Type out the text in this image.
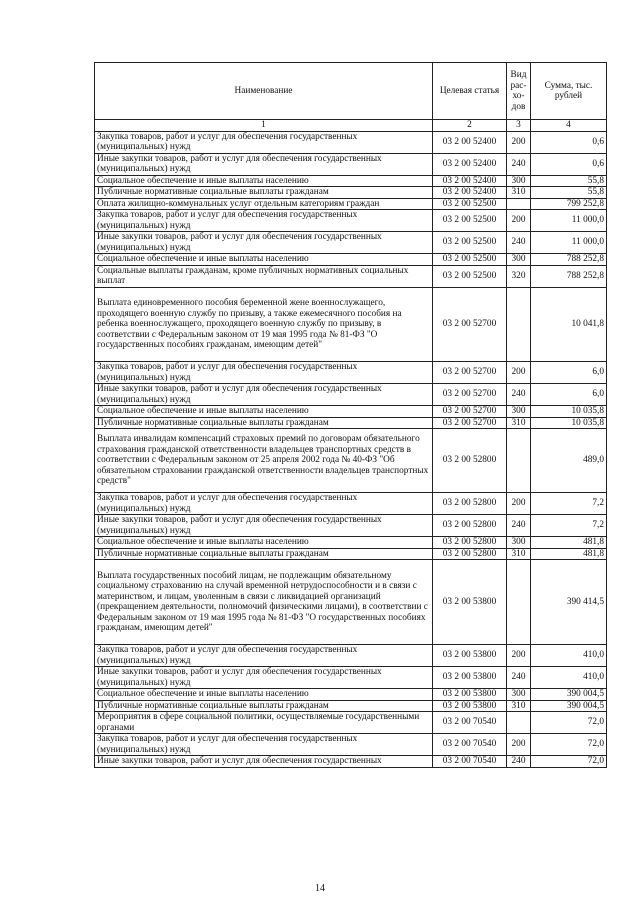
Наименование	Целевая статья	Вид рас-хо-дов	Сумма, тыс. рублей
1	2	3	4
Закупка товаров, работ и услуг для обеспечения государственных (муниципальных) нужд	03 2 00 52400	200	0,6
Иные закупки товаров, работ и услуг для обеспечения государственных (муниципальных) нужд	03 2 00 52400	240	0,6
Социальное обеспечение и иные выплаты населению	03 2 00 52400	300	55,8
Публичные нормативные социальные выплаты гражданам	03 2 00 52400	310	55,8
Оплата жилищно-коммунальных услуг отдельным категориям граждан	03 2 00 52500		799 252,8
Закупка товаров, работ и услуг для обеспечения государственных (муниципальных) нужд	03 2 00 52500	200	11 000,0
Иные закупки товаров, работ и услуг для обеспечения государственных (муниципальных) нужд	03 2 00 52500	240	11 000,0
Социальное обеспечение и иные выплаты населению	03 2 00 52500	300	788 252,8
Социальные выплаты гражданам, кроме публичных нормативных социальных выплат	03 2 00 52500	320	788 252,8
Выплата единовременного пособия беременной жене военнослужащего, проходящего военную службу по призыву, а также ежемесячного пособия на ребенка военнослужащего, проходящего военную службу по призыву, в соответствии с Федеральным законом от 19 мая 1995 года № 81-ФЗ "О государственных пособиях гражданам, имеющим детей"	03 2 00 52700		10 041,8
Закупка товаров, работ и услуг для обеспечения государственных (муниципальных) нужд	03 2 00 52700	200	6,0
Иные закупки товаров, работ и услуг для обеспечения государственных (муниципальных) нужд	03 2 00 52700	240	6,0
Социальное обеспечение и иные выплаты населению	03 2 00 52700	300	10 035,8
Публичные нормативные социальные выплаты гражданам	03 2 00 52700	310	10 035,8
Выплата инвалидам компенсаций страховых премий по договорам обязательного страхования гражданской ответственности владельцев транспортных средств в соответствии с Федеральным законом от 25 апреля 2002 года № 40-ФЗ "Об обязательном страховании гражданской ответственности владельцев транспортных средств"	03 2 00 52800		489,0
Закупка товаров, работ и услуг для обеспечения государственных (муниципальных) нужд	03 2 00 52800	200	7,2
Иные закупки товаров, работ и услуг для обеспечения государственных (муниципальных) нужд	03 2 00 52800	240	7,2
Социальное обеспечение и иные выплаты населению	03 2 00 52800	300	481,8
Публичные нормативные социальные выплаты гражданам	03 2 00 52800	310	481,8
Выплата государственных пособий лицам, не подлежащим обязательному социальному страхованию на случай временной нетрудоспособности и в связи с материнством, и лицам, уволенным в связи с ликвидацией организаций (прекращением деятельности, полномочий физическими лицами), в соответствии с Федеральным законом от 19 мая 1995 года № 81-ФЗ "О государственных пособиях гражданам, имеющим детей"	03 2 00 53800		390 414,5
Закупка товаров, работ и услуг для обеспечения государственных (муниципальных) нужд	03 2 00 53800	200	410,0
Иные закупки товаров, работ и услуг для обеспечения государственных (муниципальных) нужд	03 2 00 53800	240	410,0
Социальное обеспечение и иные выплаты населению	03 2 00 53800	300	390 004,5
Публичные нормативные социальные выплаты гражданам	03 2 00 53800	310	390 004,5
Мероприятия в сфере социальной политики, осуществляемые государственными органами	03 2 00 70540		72,0
Закупка товаров, работ и услуг для обеспечения государственных (муниципальных) нужд	03 2 00 70540	200	72,0
Иные закупки товаров, работ и услуг для обеспечения государственных	03 2 00 70540	240	72,0
14
